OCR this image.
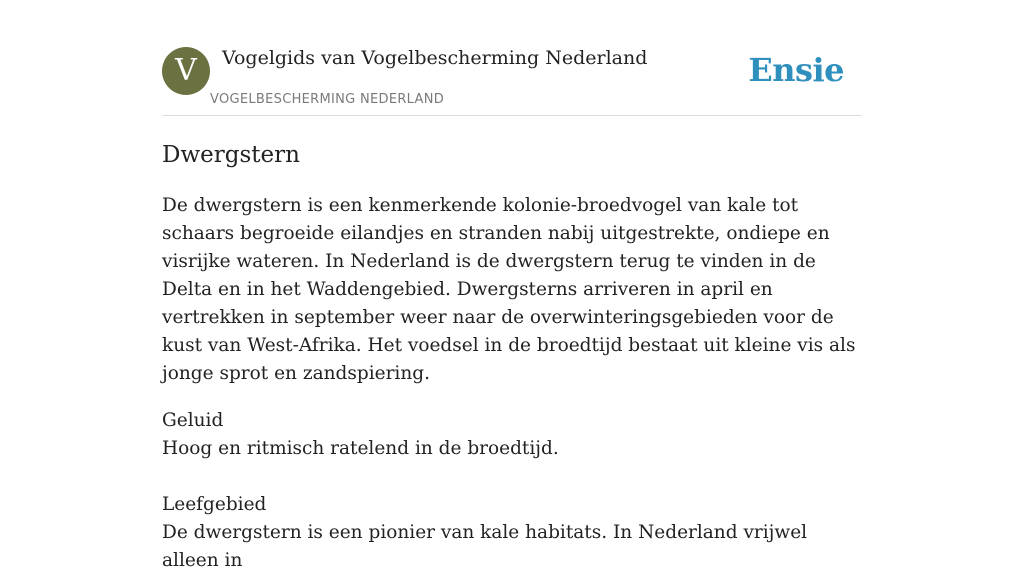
V	Vogelgids van Vogelbescherming Nederland
VOGELBESCHERMING NEDERLAND
Ensie
Dwergstern

De dwergstern is een kenmerkende kolonie-broedvogel van kale tot schaars begroeide eilandjes en stranden nabij uitgestrekte, ondiepe en visrijke wateren. In Nederland is de dwergstern terug te vinden in de Delta en in het Waddengebied. Dwergsterns arriveren in april en vertrekken in september weer naar de overwinteringsgebieden voor de kust van West-Afrika. Het voedsel in de broedtijd bestaat uit kleine vis als jonge sprot en zandspiering.

Geluid
Hoog en ritmisch ratelend in de broedtijd.
Leefgebied
De dwergstern is een pionier van kale habitats. In Nederland vrijwel alleen in
